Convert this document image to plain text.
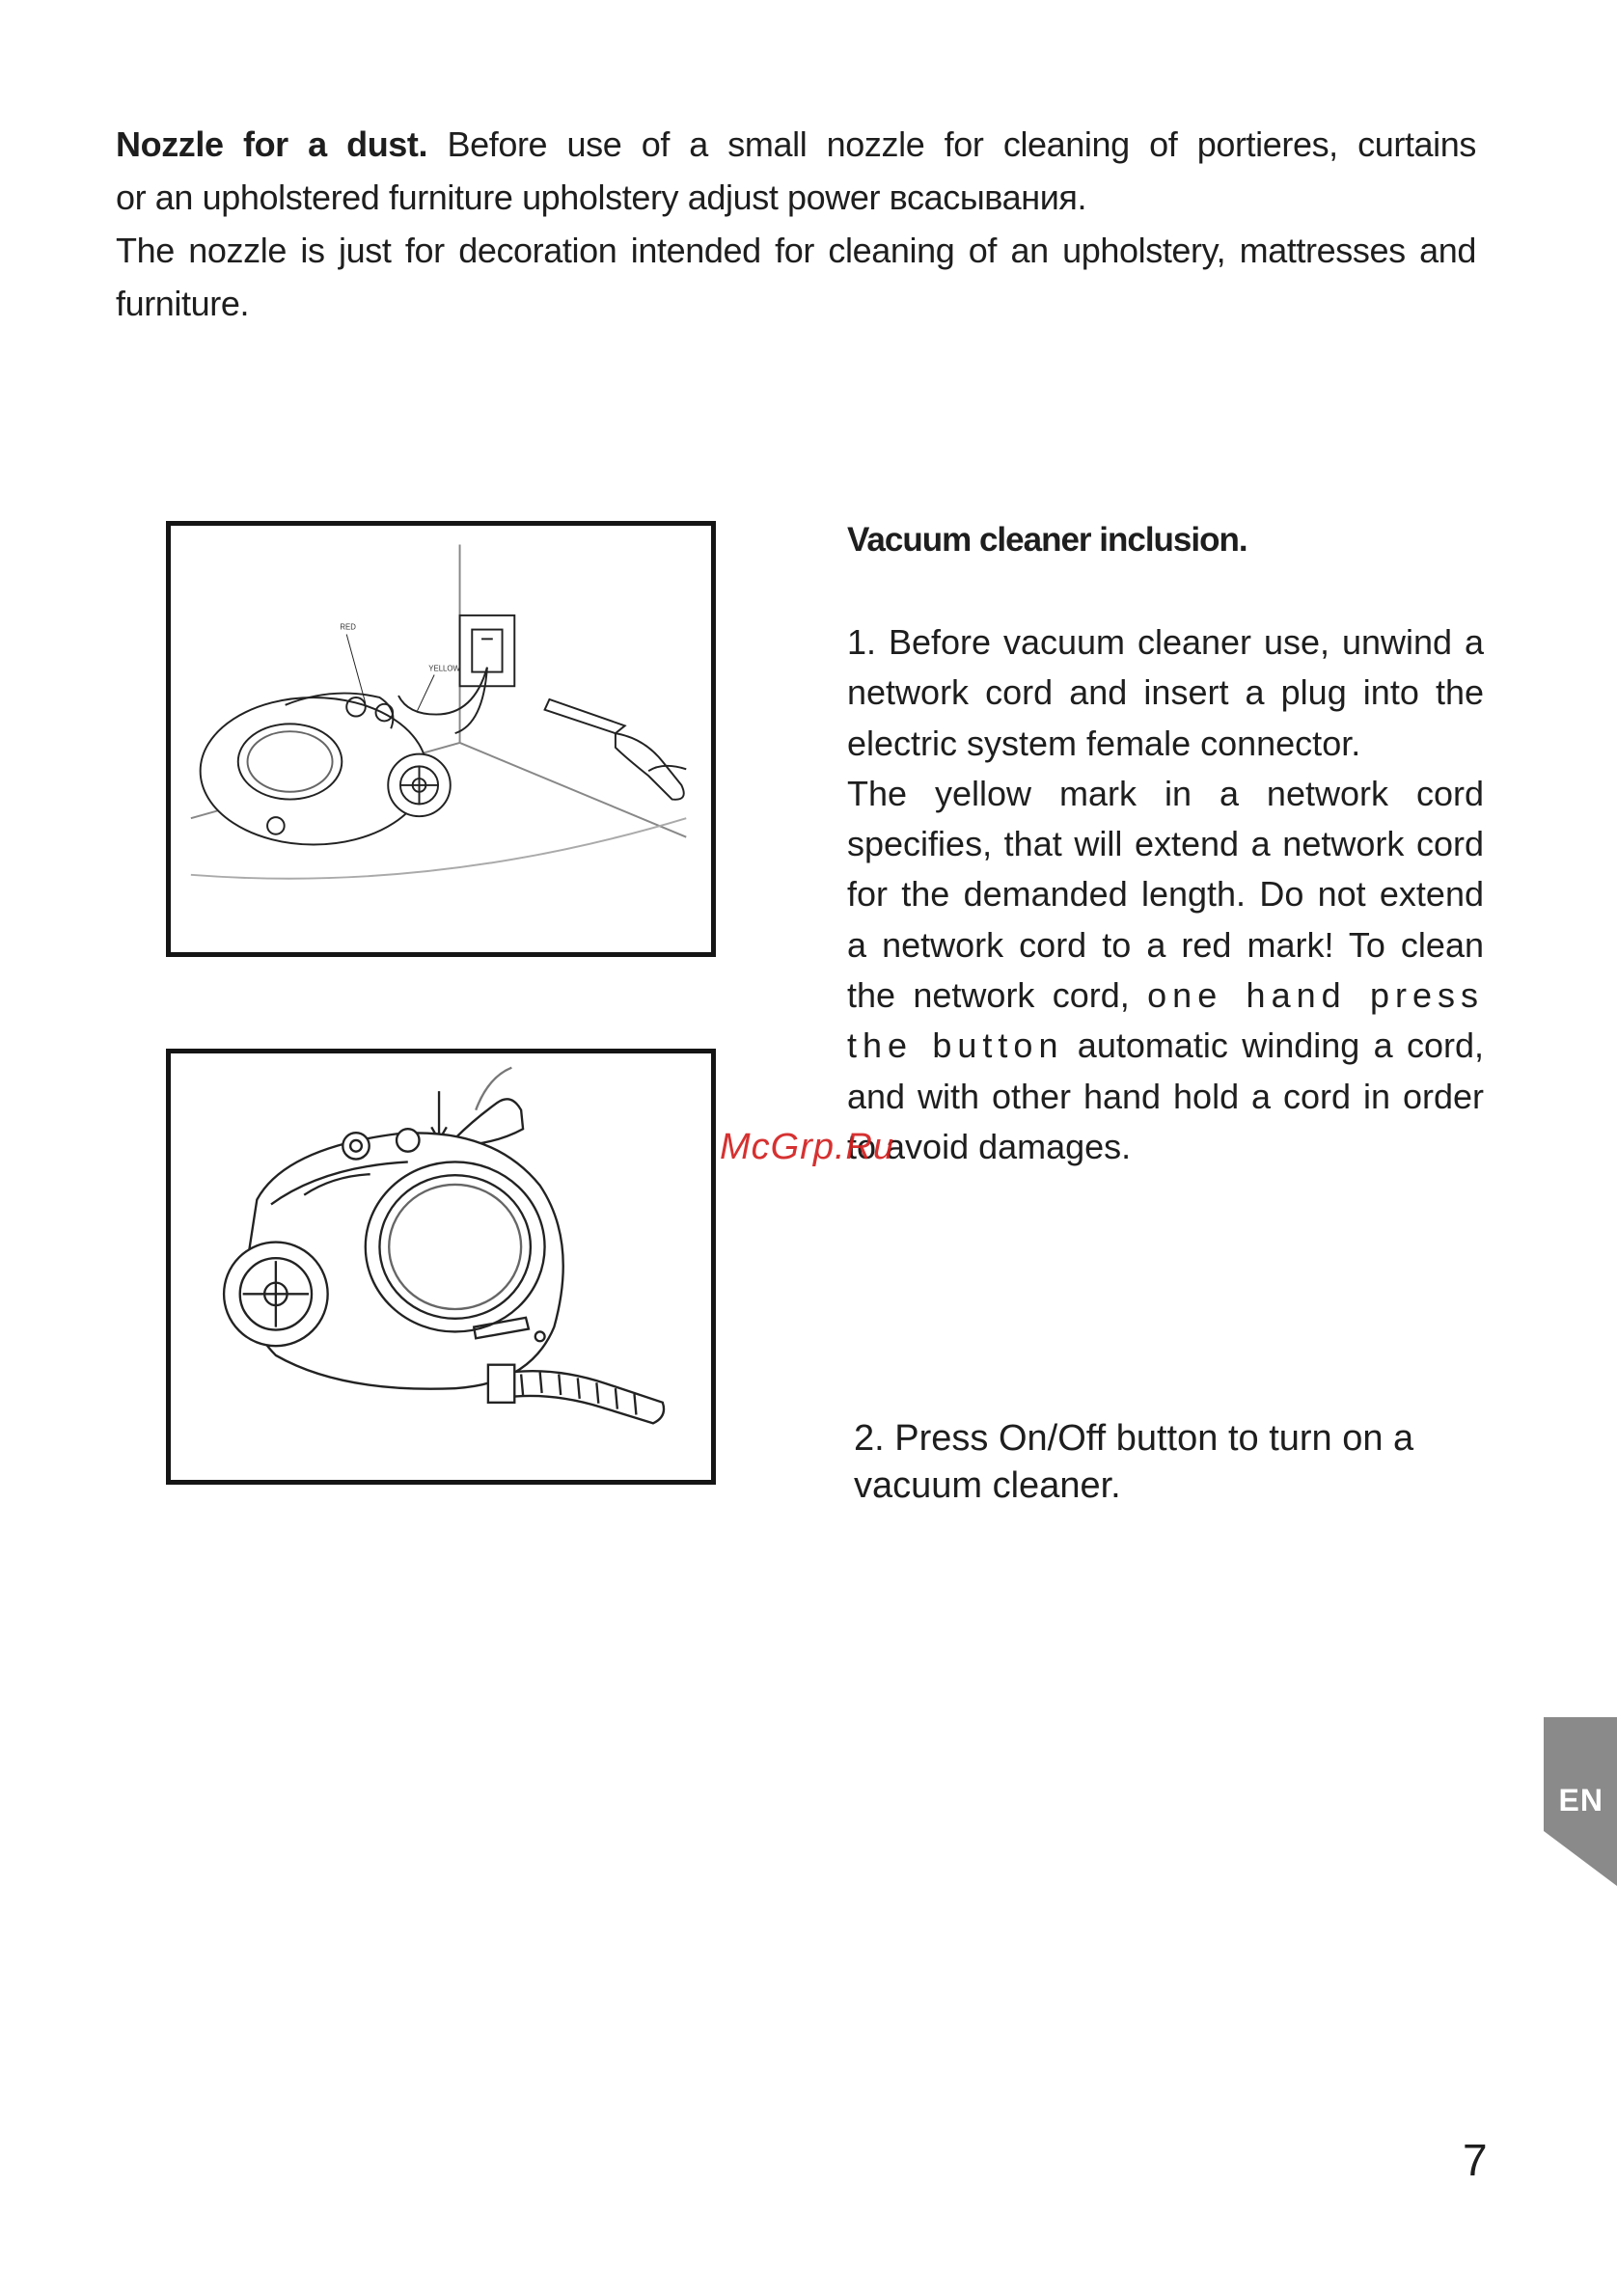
Nozzle for a dust. Before use of a small nozzle for cleaning of portieres, curtains

or an upholstered furniture upholstery adjust power всасывания.

The nozzle is just for decoration intended for cleaning of an upholstery, mattresses and furniture.

RED
YELLOW
Vacuum cleaner inclusion.

1. Before vacuum cleaner use, unwind a network cord and insert a plug into the electric system female connector.

The yellow mark in a network cord specifies, that will extend a network cord for the demanded length. Do not extend a network cord to a red mark! To clean the network cord, one hand press the button automatic winding a cord, and with other hand hold a cord in order to avoid damages.

2. Press On/Off button to turn on a vacuum cleaner.

McGrp.Ru
EN
7
